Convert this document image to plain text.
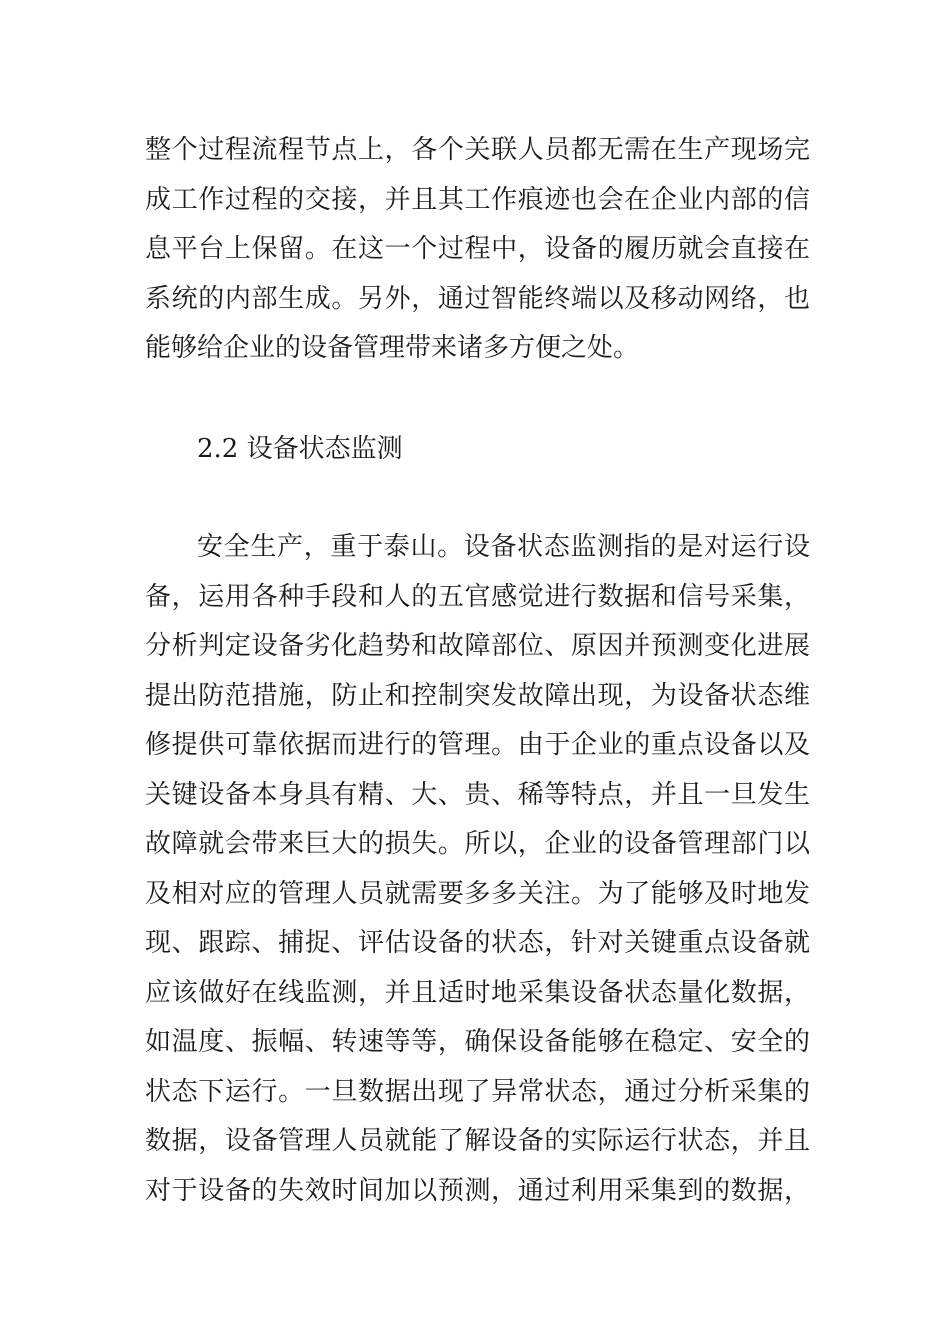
整个过程流程节点上，各个关联人员都无需在生产现场完
成工作过程的交接，并且其工作痕迹也会在企业内部的信
息平台上保留。在这一个过程中，设备的履历就会直接在
系统的内部生成。另外，通过智能终端以及移动网络，也
能够给企业的设备管理带来诸多方便之处。
2.2 设备状态监测
安全生产，重于泰山。设备状态监测指的是对运行设
备，运用各种手段和人的五官感觉进行数据和信号采集，
分析判定设备劣化趋势和故障部位、原因并预测变化进展
提出防范措施，防止和控制突发故障出现，为设备状态维
修提供可靠依据而进行的管理。由于企业的重点设备以及
关键设备本身具有精、大、贵、稀等特点，并且一旦发生
故障就会带来巨大的损失。所以，企业的设备管理部门以
及相对应的管理人员就需要多多关注。为了能够及时地发
现、跟踪、捕捉、评估设备的状态，针对关键重点设备就
应该做好在线监测，并且适时地采集设备状态量化数据，
如温度、振幅、转速等等，确保设备能够在稳定、安全的
状态下运行。一旦数据出现了异常状态，通过分析采集的
数据，设备管理人员就能了解设备的实际运行状态，并且
对于设备的失效时间加以预测，通过利用采集到的数据，
